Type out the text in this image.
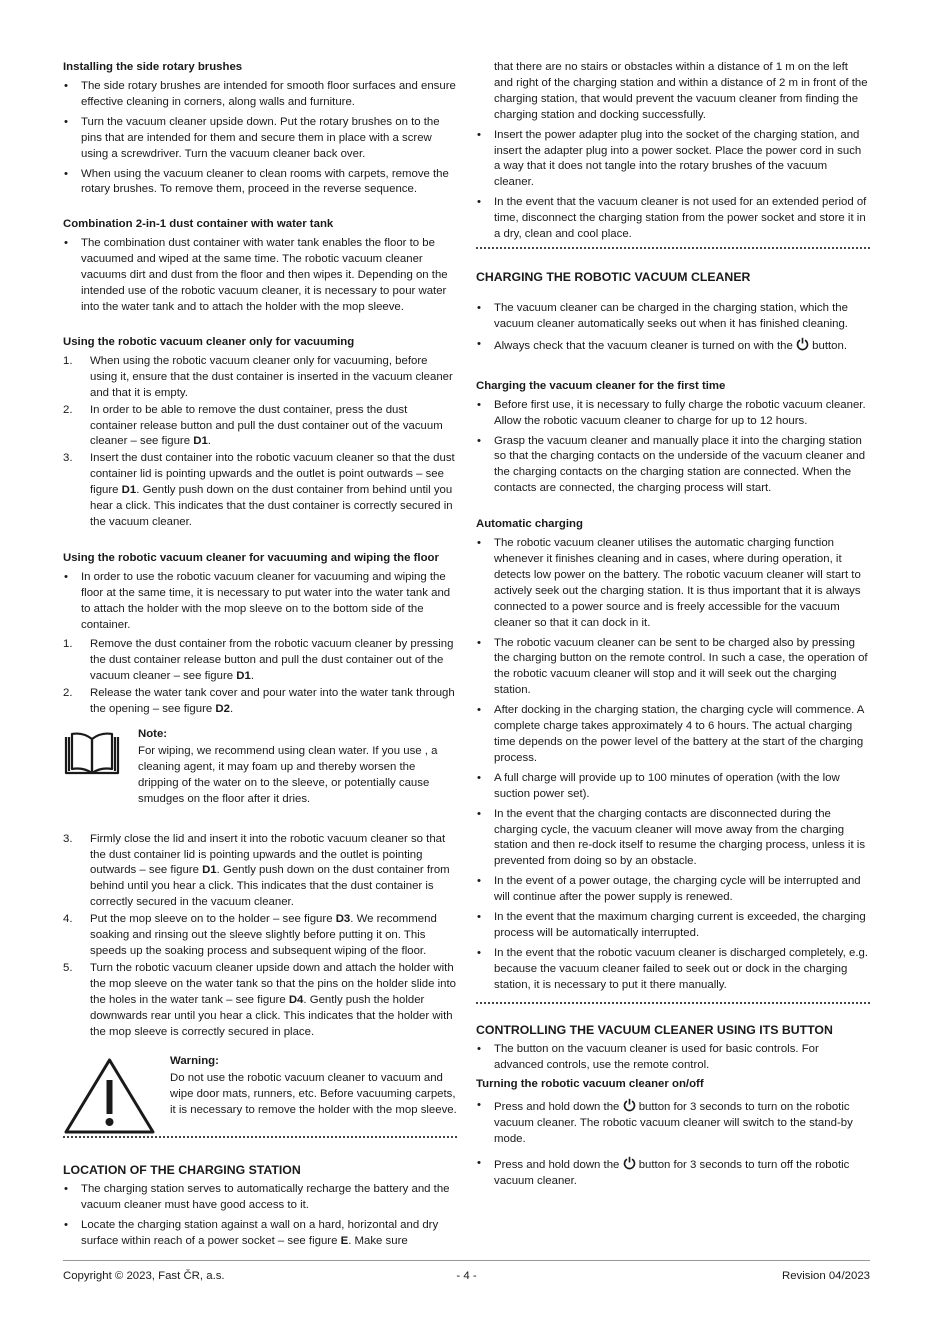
Installing the side rotary brushes
• The side rotary brushes are intended for smooth floor surfaces and ensure effective cleaning in corners, along walls and furniture.
• Turn the vacuum cleaner upside down. Put the rotary brushes on to the pins that are intended for them and secure them in place with a screw using a screwdriver. Turn the vacuum cleaner back over.
• When using the vacuum cleaner to clean rooms with carpets, remove the rotary brushes. To remove them, proceed in the reverse sequence.
Combination 2-in-1 dust container with water tank
• The combination dust container with water tank enables the floor to be vacuumed and wiped at the same time. The robotic vacuum cleaner vacuums dirt and dust from the floor and then wipes it. Depending on the intended use of the robotic vacuum cleaner, it is necessary to pour water into the water tank and to attach the holder with the mop sleeve.
Using the robotic vacuum cleaner only for vacuuming
1. When using the robotic vacuum cleaner only for vacuuming, before using it, ensure that the dust container is inserted in the vacuum cleaner and that it is empty.
2. In order to be able to remove the dust container, press the dust container release button and pull the dust container out of the vacuum cleaner – see figure D1.
3. Insert the dust container into the robotic vacuum cleaner so that the dust container lid is pointing upwards and the outlet is point outwards – see figure D1. Gently push down on the dust container from behind until you hear a click. This indicates that the dust container is correctly secured in the vacuum cleaner.
Using the robotic vacuum cleaner for vacuuming and wiping the floor
• In order to use the robotic vacuum cleaner for vacuuming and wiping the floor at the same time, it is necessary to put water into the water tank and to attach the holder with the mop sleeve on to the bottom side of the container.
1. Remove the dust container from the robotic vacuum cleaner by pressing the dust container release button and pull the dust container out of the vacuum cleaner – see figure D1.
2. Release the water tank cover and pour water into the water tank through the opening – see figure D2.
Note:

For wiping, we recommend using clean water. If you use , a cleaning agent, it may foam up and thereby worsen the dripping of the water on to the sleeve, or potentially cause smudges on the floor after it dries.

3. Firmly close the lid and insert it into the robotic vacuum cleaner so that the dust container lid is pointing upwards and the outlet is pointing outwards – see figure D1. Gently push down on the dust container from behind until you hear a click. This indicates that the dust container is correctly secured in the vacuum cleaner.
4. Put the mop sleeve on to the holder – see figure D3. We recommend soaking and rinsing out the sleeve slightly before putting it on. This speeds up the soaking process and subsequent wiping of the floor.
5. Turn the robotic vacuum cleaner upside down and attach the holder with the mop sleeve on the water tank so that the pins on the holder slide into the holes in the water tank – see figure D4. Gently push the holder downwards rear until you hear a click. This indicates that the holder with the mop sleeve is correctly secured in place.
Warning:

Do not use the robotic vacuum cleaner to vacuum and wipe door mats, runners, etc. Before vacuuming carpets, it is necessary to remove the holder with the mop sleeve.

LOCATION OF THE CHARGING STATION
• The charging station serves to automatically recharge the battery and the vacuum cleaner must have good access to it.
• Locate the charging station against a wall on a hard, horizontal and dry surface within reach of a power socket – see figure E. Make sure

that there are no stairs or obstacles within a distance of 1 m on the left and right of the charging station and within a distance of 2 m in front of the charging station, that would prevent the vacuum cleaner from finding the charging station and docking successfully.

• Insert the power adapter plug into the socket of the charging station, and insert the adapter plug into a power socket. Place the power cord in such a way that it does not tangle into the rotary brushes of the vacuum cleaner.
• In the event that the vacuum cleaner is not used for an extended period of time, disconnect the charging station from the power socket and store it in a dry, clean and cool place.
CHARGING THE ROBOTIC VACUUM CLEANER
• The vacuum cleaner can be charged in the charging station, which the vacuum cleaner automatically seeks out when it has finished cleaning.
• Always check that the vacuum cleaner is turned on with the  button.
Charging the vacuum cleaner for the first time
• Before first use, it is necessary to fully charge the robotic vacuum cleaner. Allow the robotic vacuum cleaner to charge for up to 12 hours.
• Grasp the vacuum cleaner and manually place it into the charging station so that the charging contacts on the underside of the vacuum cleaner and the charging contacts on the charging station are connected. When the contacts are connected, the charging process will start.
Automatic charging
• The robotic vacuum cleaner utilises the automatic charging function whenever it finishes cleaning and in cases, where during operation, it detects low power on the battery. The robotic vacuum cleaner will start to actively seek out the charging station. It is thus important that it is always connected to a power source and is freely accessible for the vacuum cleaner so that it can dock in it.
• The robotic vacuum cleaner can be sent to be charged also by pressing the charging button on the remote control. In such a case, the operation of the robotic vacuum cleaner will stop and it will seek out the charging station.
• After docking in the charging station, the charging cycle will commence. A complete charge takes approximately 4 to 6 hours. The actual charging time depends on the power level of the battery at the start of the charging process.
• A full charge will provide up to 100 minutes of operation (with the low suction power set).
• In the event that the charging contacts are disconnected during the charging cycle, the vacuum cleaner will move away from the charging station and then re-dock itself to resume the charging process, unless it is prevented from doing so by an obstacle.
• In the event of a power outage, the charging cycle will be interrupted and will continue after the power supply is renewed.
• In the event that the maximum charging current is exceeded, the charging process will be automatically interrupted.
• In the event that the robotic vacuum cleaner is discharged completely, e.g. because the vacuum cleaner failed to seek out or dock in the charging station, it is necessary to put it there manually.
CONTROLLING THE VACUUM CLEANER USING ITS BUTTON
• The button on the vacuum cleaner is used for basic controls. For advanced controls, use the remote control.
Turning the robotic vacuum cleaner on/off
• Press and hold down the  button for 3 seconds to turn on the robotic vacuum cleaner. The robotic vacuum cleaner will switch to the stand-by mode.
• Press and hold down the  button for 3 seconds to turn off the robotic vacuum cleaner.
Copyright © 2023, Fast ČR, a.s.	- 4 -	Revision 04/2023
